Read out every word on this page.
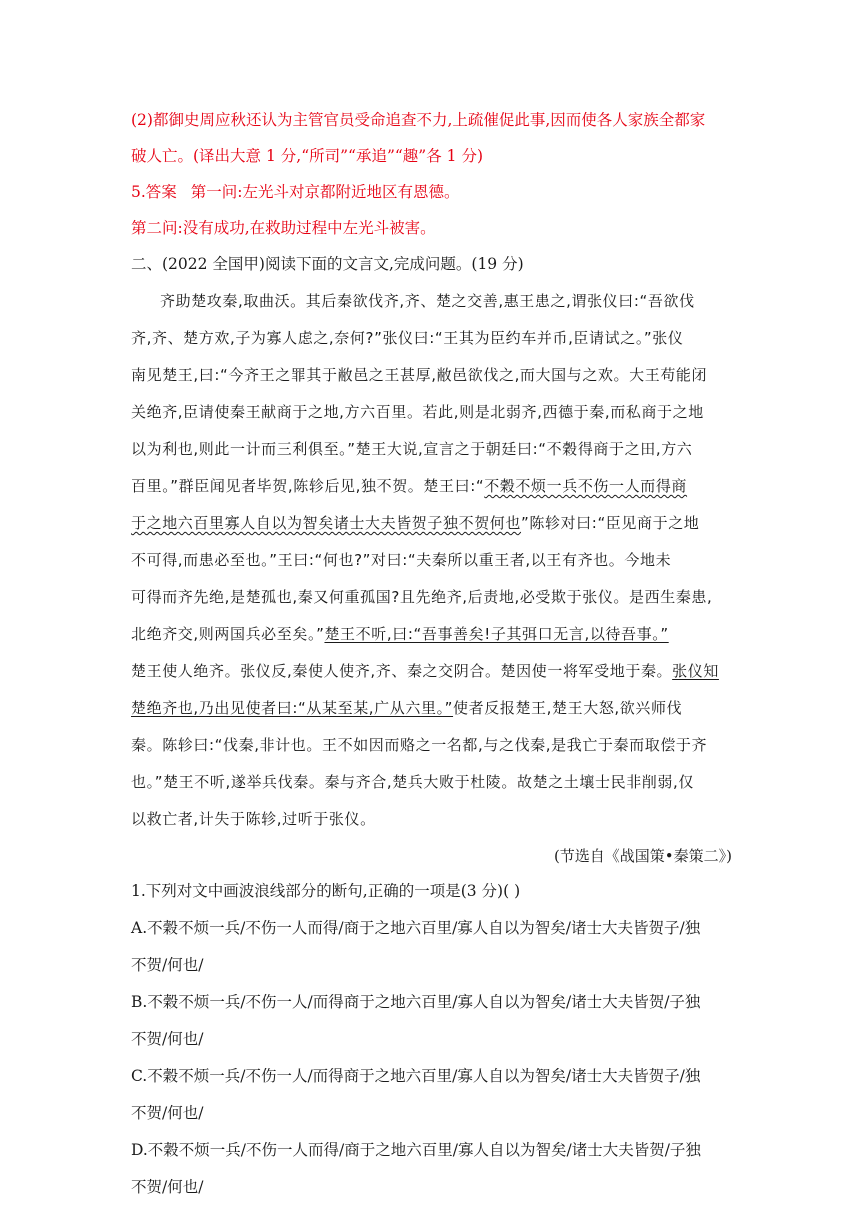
(2)都御史周应秋还认为主管官员受命追查不力,上疏催促此事,因而使各人家族全都家
破人亡。(译出大意 1 分,“所司”“承追”“趣”各 1 分)
5.答案 第一问:左光斗对京都附近地区有恩德。
第二问:没有成功,在救助过程中左光斗被害。
二、(2022 全国甲)阅读下面的文言文,完成问题。(19 分)
齐助楚攻秦,取曲沃。其后秦欲伐齐,齐、楚之交善,惠王患之,谓张仪曰:“吾欲伐
齐,齐、楚方欢,子为寡人虑之,奈何?”张仪曰:“王其为臣约车并币,臣请试之。”张仪
南见楚王,曰:“今齐王之罪其于敝邑之王甚厚,敝邑欲伐之,而大国与之欢。大王苟能闭
关绝齐,臣请使秦王献商于之地,方六百里。若此,则是北弱齐,西德于秦,而私商于之地
以为利也,则此一计而三利俱至。”楚王大说,宣言之于朝廷曰:“不穀得商于之田,方六
百里。”群臣闻见者毕贺,陈轸后见,独不贺。楚王曰:“不穀不烦一兵不伤一人而得商
于之地六百里寡人自以为智矣诸士大夫皆贺子独不贺何也”陈轸对曰:“臣见商于之地
不可得,而患必至也。”王曰:“何也?”对曰:“夫秦所以重王者,以王有齐也。今地未
可得而齐先绝,是楚孤也,秦又何重孤国?且先绝齐,后责地,必受欺于张仪。是西生秦患,
北绝齐交,则两国兵必至矣。”楚王不听,曰:“吾事善矣!子其弭口无言,以待吾事。”
楚王使人绝齐。张仪反,秦使人使齐,齐、秦之交阴合。楚因使一将军受地于秦。张仪知
楚绝齐也,乃出见使者曰:“从某至某,广从六里。”使者反报楚王,楚王大怒,欲兴师伐
秦。陈轸曰:“伐秦,非计也。王不如因而赂之一名都,与之伐秦,是我亡于秦而取偿于齐
也。”楚王不听,遂举兵伐秦。秦与齐合,楚兵大败于杜陵。故楚之土壤士民非削弱,仅
以救亡者,计失于陈轸,过听于张仪。
(节选自《战国策•秦策二》)
1.下列对文中画波浪线部分的断句,正确的一项是(3 分)( )
A.不穀不烦一兵/不伤一人而得/商于之地六百里/寡人自以为智矣/诸士大夫皆贺子/独
不贺/何也/
B.不穀不烦一兵/不伤一人/而得商于之地六百里/寡人自以为智矣/诸士大夫皆贺/子独
不贺/何也/
C.不穀不烦一兵/不伤一人/而得商于之地六百里/寡人自以为智矣/诸士大夫皆贺子/独
不贺/何也/
D.不穀不烦一兵/不伤一人而得/商于之地六百里/寡人自以为智矣/诸士大夫皆贺/子独
不贺/何也/
